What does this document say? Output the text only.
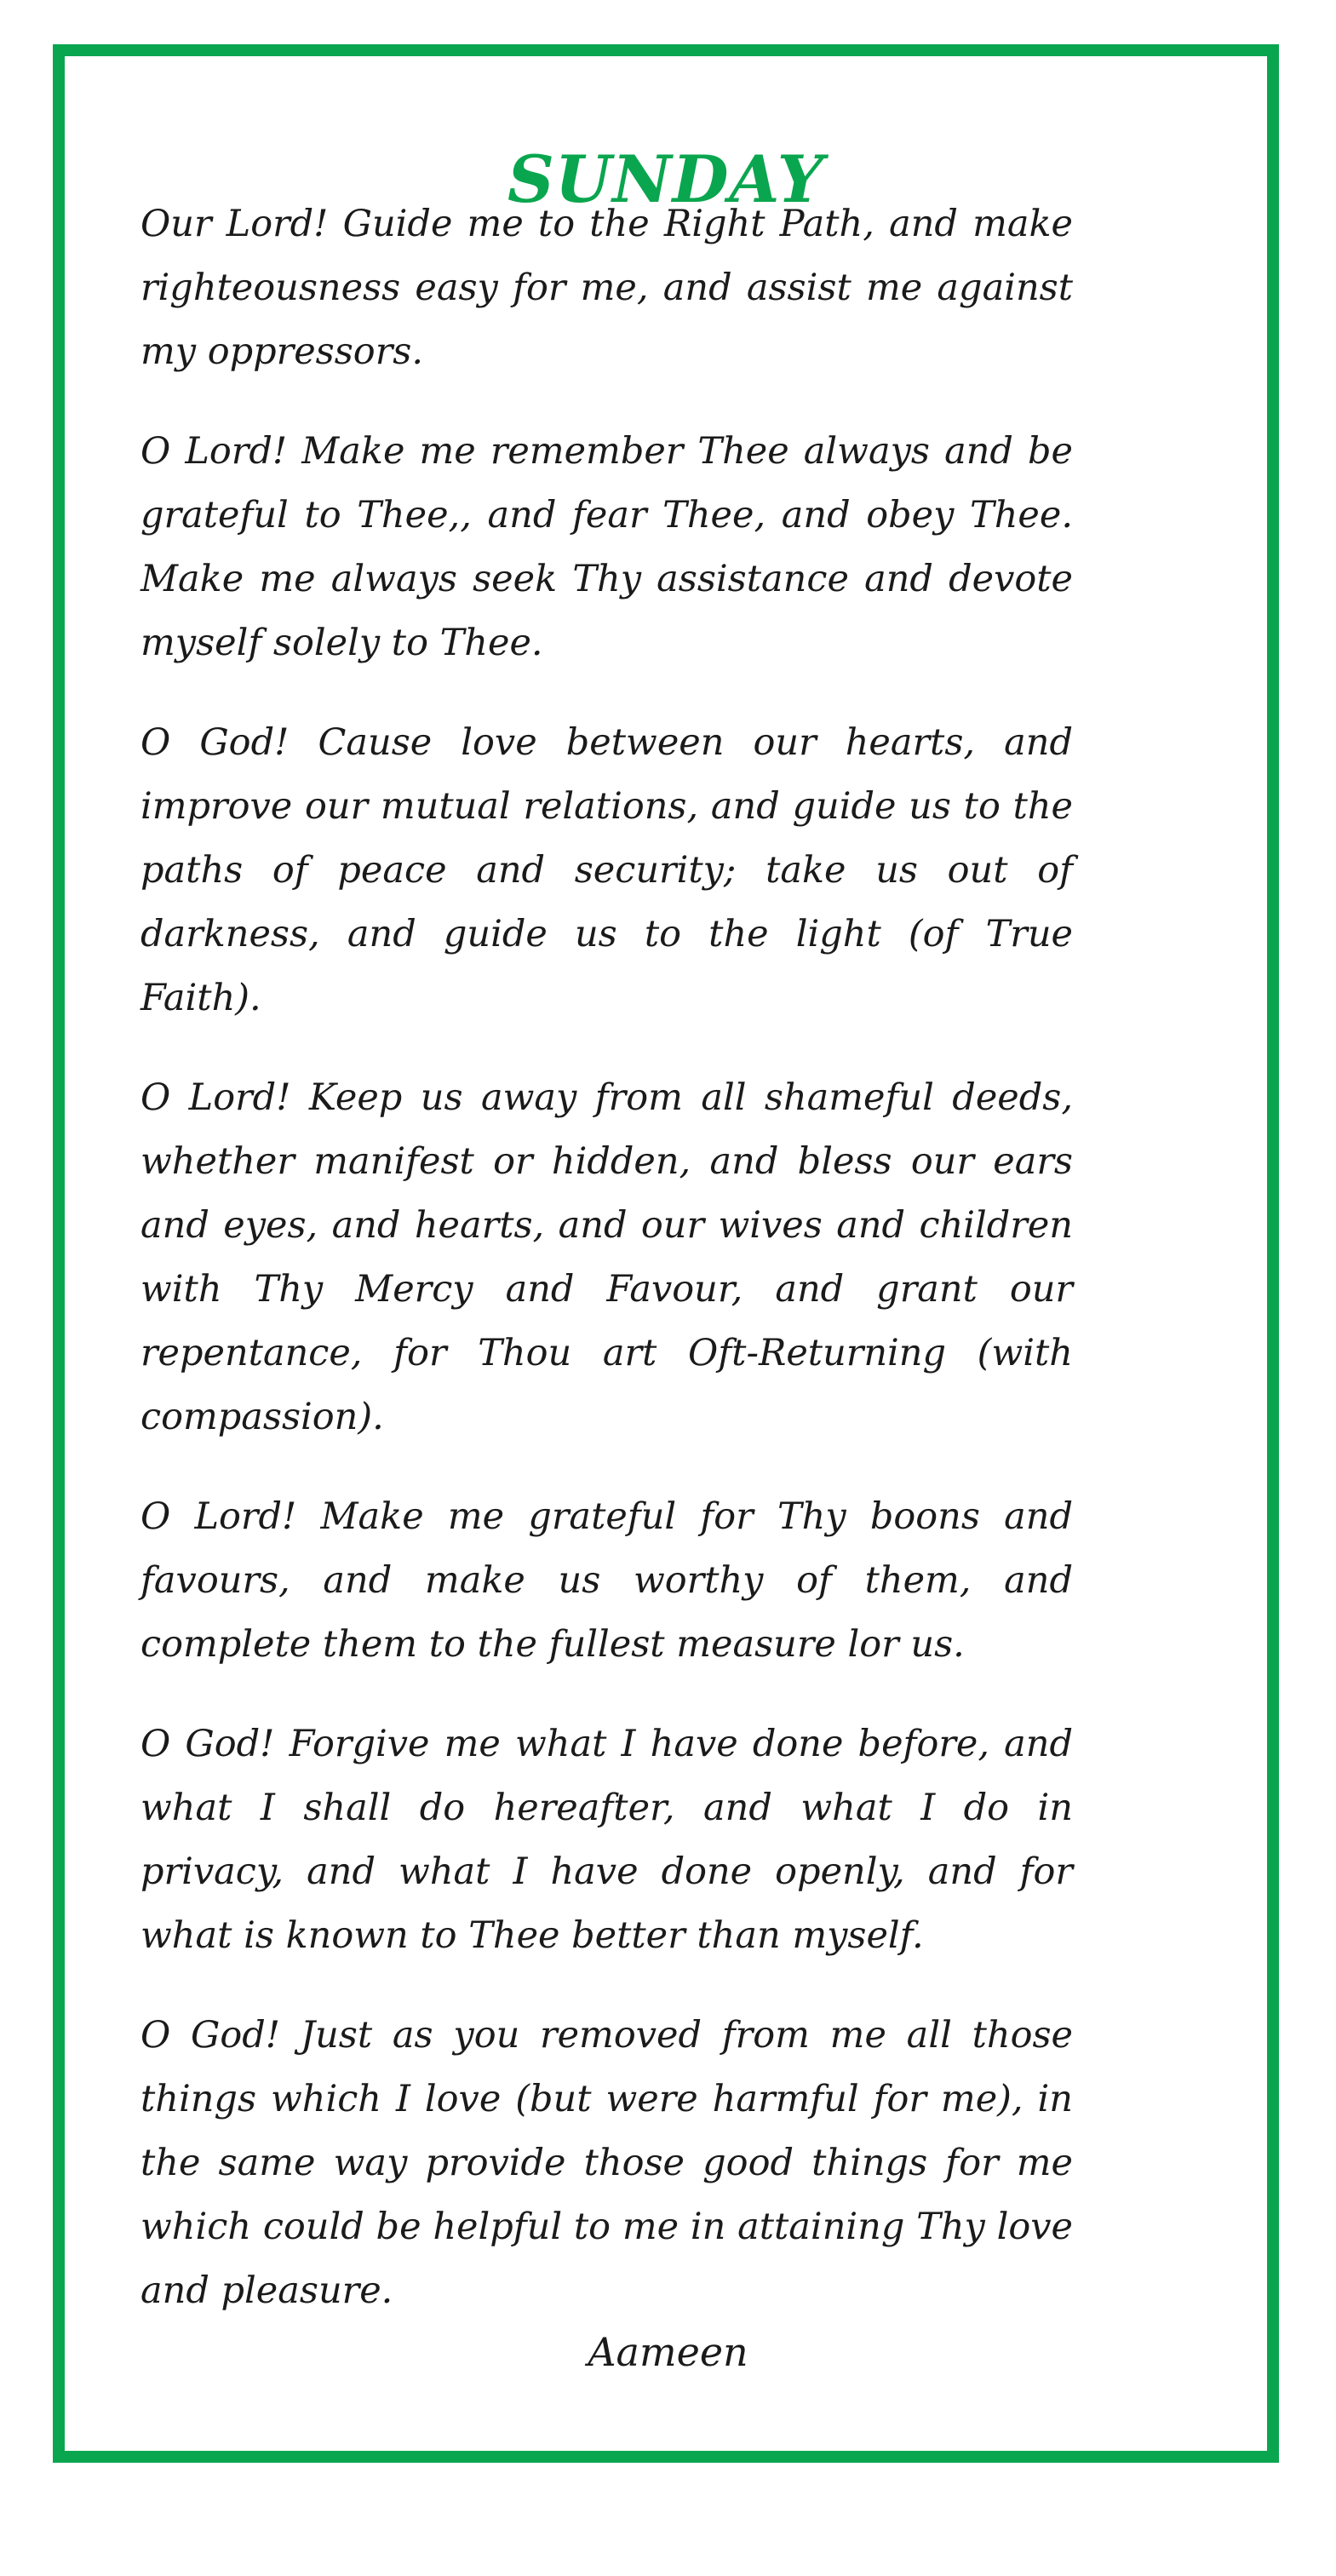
SUNDAY

Our Lord! Guide me to the Right Path, and make righteousness easy for me, and assist me against my oppressors.

O Lord! Make me remember Thee always and be grateful to Thee,, and fear Thee, and obey Thee. Make me always seek Thy assistance and devote myself solely to Thee.

O God! Cause love between our hearts, and improve our mutual relations, and guide us to the paths of peace and security; take us out of darkness, and guide us to the light (of True Faith).

O Lord! Keep us away from all shameful deeds, whether manifest or hidden, and bless our ears and eyes, and hearts, and our wives and children with Thy Mercy and Favour, and grant our repentance, for Thou art Oft-Returning (with compassion).

O Lord! Make me grateful for Thy boons and favours, and make us worthy of them, and complete them to the fullest measure lor us.

O God! Forgive me what I have done before, and what I shall do hereafter, and what I do in privacy, and what I have done openly, and for what is known to Thee better than myself.

O God! Just as you removed from me all those things which I love (but were harmful for me), in the same way provide those good things for me which could be helpful to me in attaining Thy love and pleasure.

Aameen
